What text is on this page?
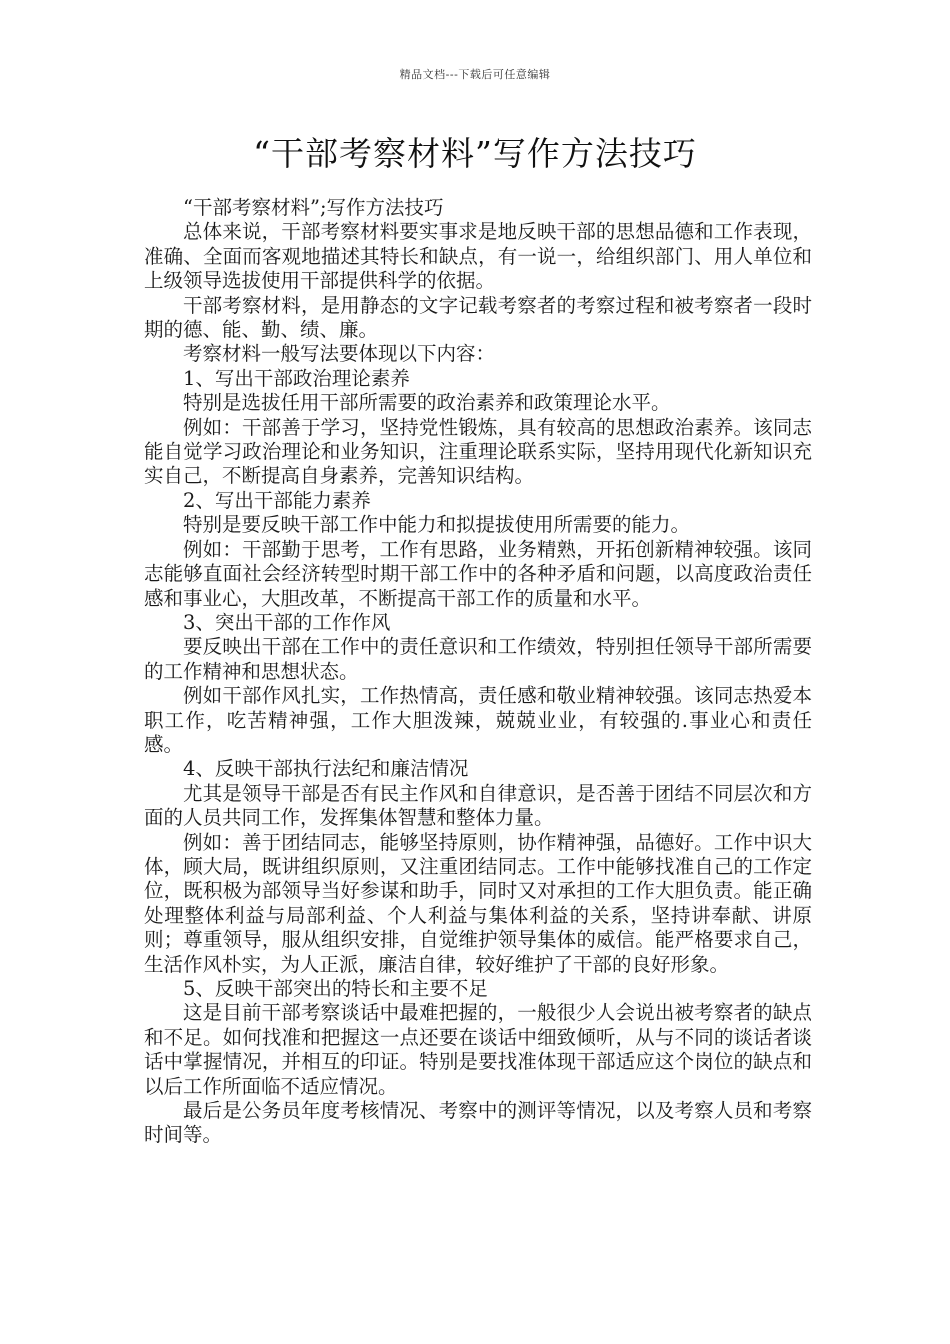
精品文档---下载后可任意编辑
“干部考察材料”写作方法技巧

“干部考察材料”;写作方法技巧

总体来说，干部考察材料要实事求是地反映干部的思想品德和工作表现，准确、全面而客观地描述其特长和缺点，有一说一，给组织部门、用人单位和上级领导选拔使用干部提供科学的依据。

干部考察材料，是用静态的文字记载考察者的考察过程和被考察者一段时期的德、能、勤、绩、廉。

考察材料一般写法要体现以下内容：

1、写出干部政治理论素养

特别是选拔任用干部所需要的政治素养和政策理论水平。

例如：干部善于学习，坚持党性锻炼，具有较高的思想政治素养。该同志能自觉学习政治理论和业务知识，注重理论联系实际，坚持用现代化新知识充实自己，不断提高自身素养，完善知识结构。

2、写出干部能力素养

特别是要反映干部工作中能力和拟提拔使用所需要的能力。

例如：干部勤于思考，工作有思路，业务精熟，开拓创新精神较强。该同志能够直面社会经济转型时期干部工作中的各种矛盾和问题，以高度政治责任感和事业心，大胆改革，不断提高干部工作的质量和水平。

3、突出干部的工作作风

要反映出干部在工作中的责任意识和工作绩效，特别担任领导干部所需要的工作精神和思想状态。

例如干部作风扎实，工作热情高，责任感和敬业精神较强。该同志热爱本职工作，吃苦精神强，工作大胆泼辣，兢兢业业，有较强的.事业心和责任感。

4、反映干部执行法纪和廉洁情况

尤其是领导干部是否有民主作风和自律意识，是否善于团结不同层次和方面的人员共同工作，发挥集体智慧和整体力量。

例如：善于团结同志，能够坚持原则，协作精神强，品德好。工作中识大体，顾大局，既讲组织原则，又注重团结同志。工作中能够找准自己的工作定位，既积极为部领导当好参谋和助手，同时又对承担的工作大胆负责。能正确处理整体利益与局部利益、个人利益与集体利益的关系，坚持讲奉献、讲原则；尊重领导，服从组织安排，自觉维护领导集体的威信。能严格要求自己，生活作风朴实，为人正派，廉洁自律，较好维护了干部的良好形象。

5、反映干部突出的特长和主要不足

这是目前干部考察谈话中最难把握的，一般很少人会说出被考察者的缺点和不足。如何找准和把握这一点还要在谈话中细致倾听，从与不同的谈话者谈话中掌握情况，并相互的印证。特别是要找准体现干部适应这个岗位的缺点和以后工作所面临不适应情况。

最后是公务员年度考核情况、考察中的测评等情况，以及考察人员和考察时间等。
